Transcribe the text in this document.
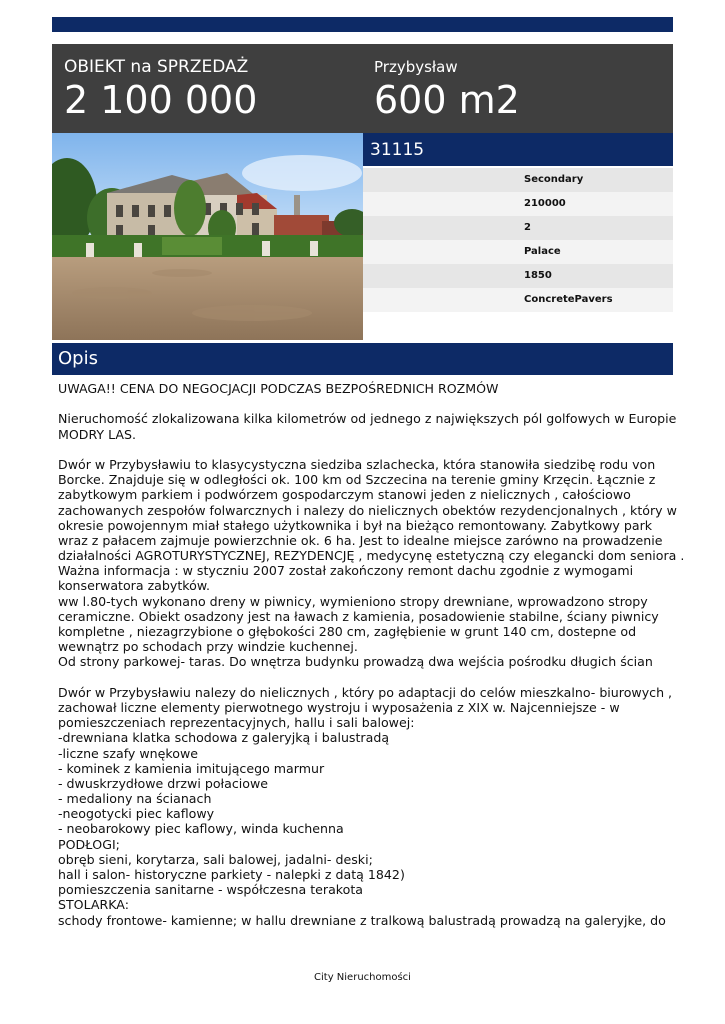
OBIEKT na SPRZEDAŻ
2 100 000
Przybysław
600 m2
31115
Secondary
210000
2
Palace
1850
ConcretePavers
Opis

UWAGA!! CENA DO NEGOCJACJI PODCZAS BEZPOŚREDNICH ROZMÓW

Nieruchomość zlokalizowana kilka kilometrów od jednego z największych pól golfowych w Europie

MODRY LAS.

Dwór w Przybysławiu to klasycystyczna siedziba szlachecka, która stanowiła siedzibę rodu von

Borcke. Znajduje się w odległości ok. 100 km od Szczecina na terenie gminy Krzęcin. Łącznie z

zabytkowym parkiem i podwórzem gospodarczym stanowi jeden z nielicznych , całościowo

zachowanych zespołów folwarcznych i nalezy do nielicznych obektów rezydencjonalnych , który w

okresie powojennym miał stałego użytkownika i był na bieżąco remontowany. Zabytkowy park

wraz z pałacem zajmuje powierzchnie ok. 6 ha. Jest to idealne miejsce zarówno na prowadzenie

działalności AGROTURYSTYCZNEJ, REZYDENCJĘ , medycynę estetyczną czy elegancki dom seniora .

Ważna informacja : w styczniu 2007 został zakończony remont dachu zgodnie z wymogami

konserwatora zabytków.

ww l.80-tych wykonano dreny w piwnicy, wymieniono stropy drewniane, wprowadzono stropy

ceramiczne. Obiekt osadzony jest na ławach z kamienia, posadowienie stabilne, ściany piwnicy

kompletne , niezagrzybione o głębokości 280 cm, zagłębienie w grunt 140 cm, dostepne od

wewnątrz po schodach przy windzie kuchennej.

Od strony parkowej- taras. Do wnętrza budynku prowadzą dwa wejścia pośrodku długich ścian

Dwór w Przybysławiu nalezy do nielicznych , który po adaptacji do celów mieszkalno- biurowych ,

zachował liczne elementy pierwotnego wystroju i wyposażenia z XIX w. Najcenniejsze - w

pomieszczeniach reprezentacyjnych, hallu i sali balowej:

-drewniana klatka schodowa z galeryjką i balustradą

-liczne szafy wnękowe

- kominek z kamienia imitującego marmur

- dwuskrzydłowe drzwi połaciowe

- medaliony na ścianach

-neogotycki piec kaflowy

- neobarokowy piec kaflowy, winda kuchenna

PODŁOGI;

obręb sieni, korytarza, sali balowej, jadalni- deski;

hall i salon- historyczne parkiety - nalepki z datą 1842)

pomieszczenia sanitarne - współczesna terakota

STOLARKA:

schody frontowe- kamienne; w hallu drewniane z tralkową balustradą prowadzą na galeryjke, do

City Nieruchomości
